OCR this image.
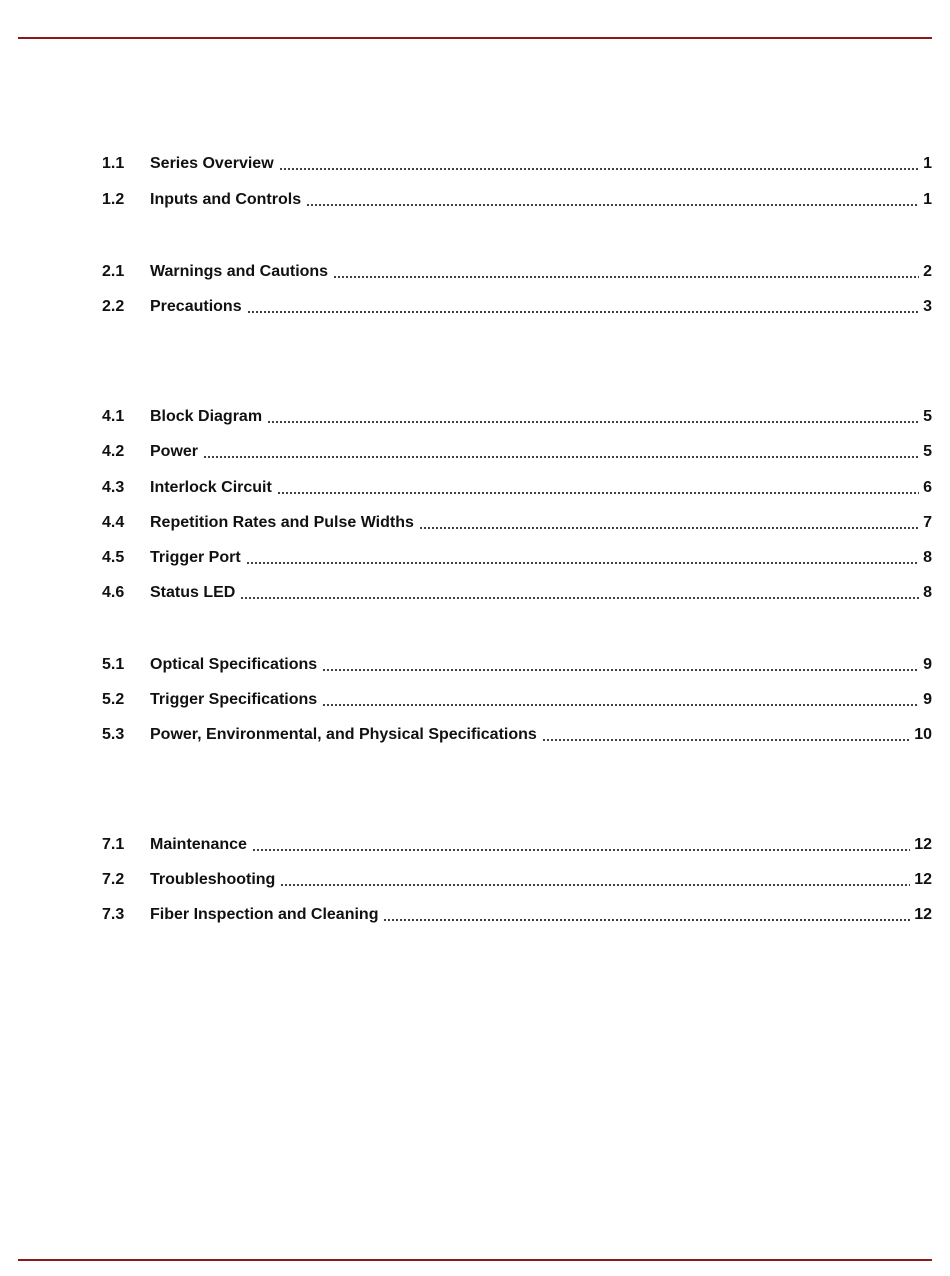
1.1	Series Overview	1
1.2	Inputs and Controls	1
2.1	Warnings and Cautions	2
2.2	Precautions	3
4.1	Block Diagram	5
4.2	Power	5
4.3	Interlock Circuit	6
4.4	Repetition Rates and Pulse Widths	7
4.5	Trigger Port	8
4.6	Status LED	8
5.1	Optical Specifications	9
5.2	Trigger Specifications	9
5.3	Power, Environmental, and Physical Specifications	10
7.1	Maintenance	12
7.2	Troubleshooting	12
7.3	Fiber Inspection and Cleaning	12
